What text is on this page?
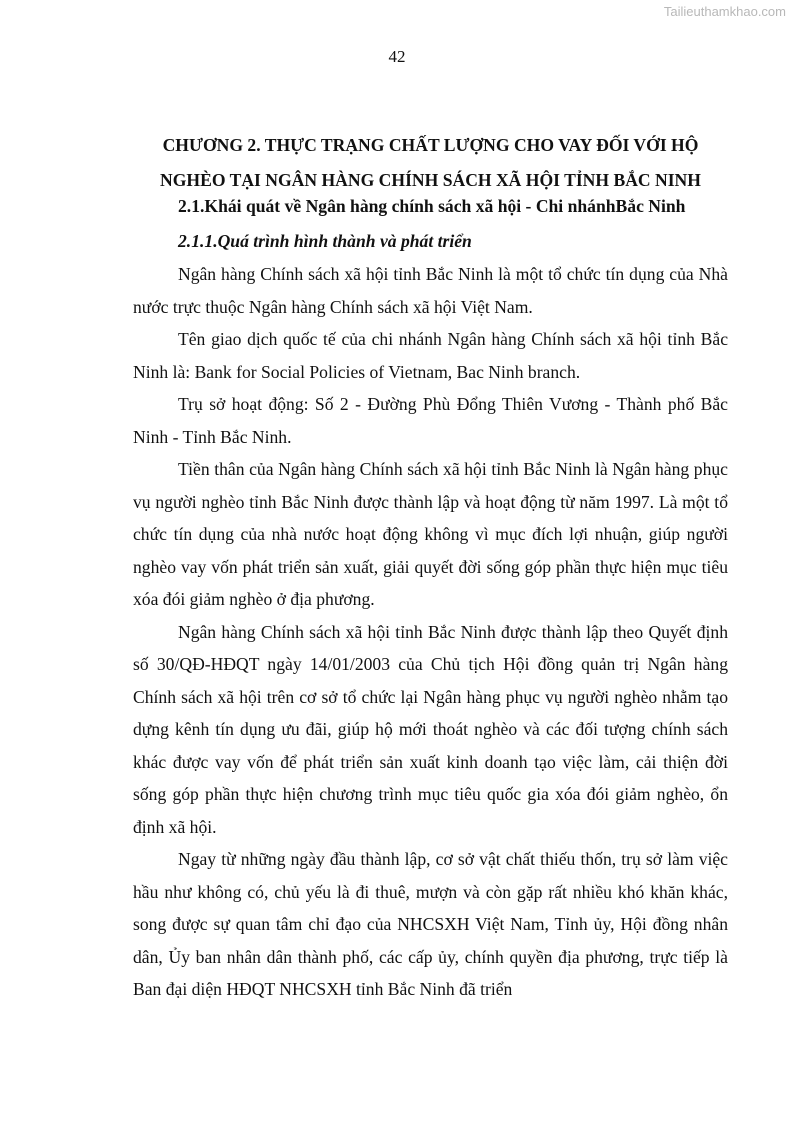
Tailieuthamkhao.com
42
CHƯƠNG 2. THỰC TRẠNG CHẤT LƯỢNG CHO VAY ĐỐI VỚI HỘ NGHÈO TẠI NGÂN HÀNG CHÍNH SÁCH XÃ HỘI TỈNH BẮC NINH
2.1.Khái quát về Ngân hàng chính sách xã hội - Chi nhánhBắc Ninh
2.1.1.Quá trình hình thành và phát triển

Ngân hàng Chính sách xã hội tỉnh Bắc Ninh là một tổ chức tín dụng của Nhà nước trực thuộc Ngân hàng Chính sách xã hội Việt Nam.

Tên giao dịch quốc tế của chi nhánh Ngân hàng Chính sách xã hội tỉnh Bắc Ninh là: Bank for Social Policies of Vietnam, Bac Ninh branch.

Trụ sở hoạt động: Số 2 - Đường Phù Đổng Thiên Vương - Thành phố Bắc Ninh - Tỉnh Bắc Ninh.

Tiền thân của Ngân hàng Chính sách xã hội tỉnh Bắc Ninh là Ngân hàng phục vụ người nghèo tỉnh Bắc Ninh được thành lập và hoạt động từ năm 1997. Là một tổ chức tín dụng của nhà nước hoạt động không vì mục đích lợi nhuận, giúp người nghèo vay vốn phát triển sản xuất, giải quyết đời sống góp phần thực hiện mục tiêu xóa đói giảm nghèo ở địa phương.

Ngân hàng Chính sách xã hội tỉnh Bắc Ninh được thành lập theo Quyết định số 30/QĐ-HĐQT ngày 14/01/2003 của Chủ tịch Hội đồng quản trị Ngân hàng Chính sách xã hội trên cơ sở tổ chức lại Ngân hàng phục vụ người nghèo nhằm tạo dựng kênh tín dụng ưu đãi, giúp hộ mới thoát nghèo và các đối tượng chính sách khác được vay vốn để phát triển sản xuất kinh doanh tạo việc làm, cải thiện đời sống góp phần thực hiện chương trình mục tiêu quốc gia xóa đói giảm nghèo, ổn định xã hội.

Ngay từ những ngày đầu thành lập, cơ sở vật chất thiếu thốn, trụ sở làm việc hầu như không có, chủ yếu là đi thuê, mượn và còn gặp rất nhiều khó khăn khác, song được sự quan tâm chỉ đạo của NHCSXH Việt Nam, Tỉnh ủy, Hội đồng nhân dân, Ủy ban nhân dân thành phố, các cấp ủy, chính quyền địa phương, trực tiếp là Ban đại diện HĐQT NHCSXH tỉnh Bắc Ninh đã triển
